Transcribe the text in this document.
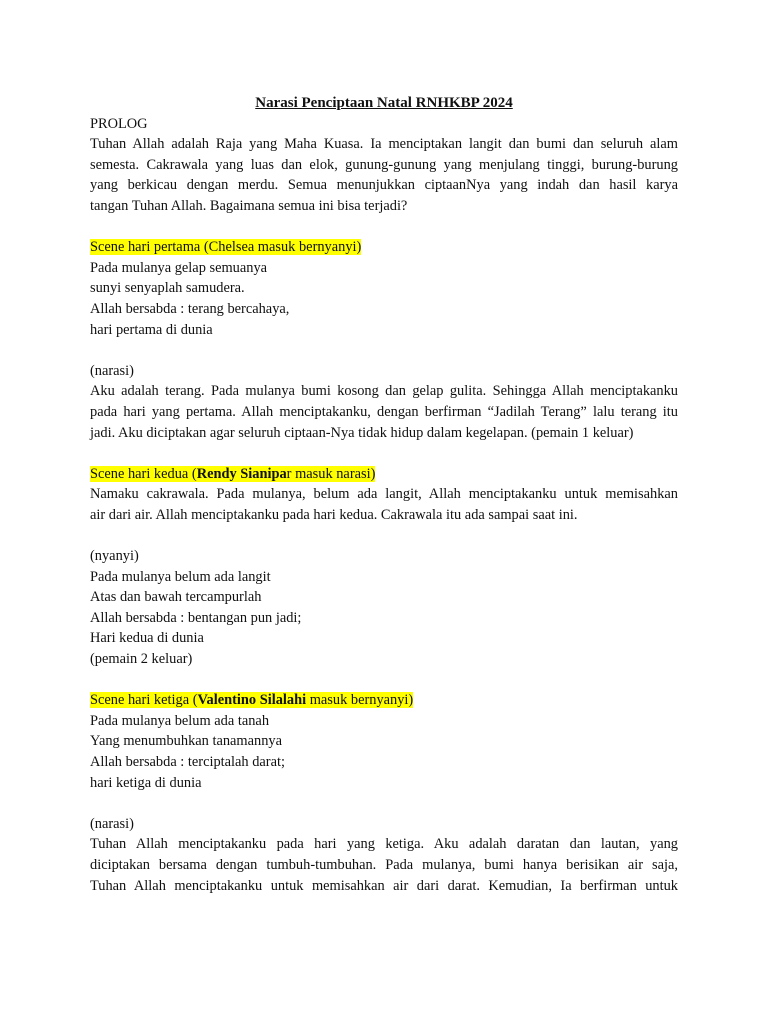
Narasi Penciptaan Natal RNHKBP 2024
PROLOG
Tuhan Allah adalah Raja yang Maha Kuasa. Ia menciptakan langit dan bumi dan seluruh alam
semesta. Cakrawala yang luas dan elok, gunung-gunung yang menjulang tinggi, burung-burung
yang berkicau dengan merdu. Semua menunjukkan ciptaanNya yang indah dan hasil karya
tangan Tuhan Allah. Bagaimana semua ini bisa terjadi?
Scene hari pertama (Chelsea masuk bernyanyi)
Pada mulanya gelap semuanya
sunyi senyaplah samudera.
Allah bersabda : terang bercahaya,
hari pertama di dunia
(narasi)
Aku adalah terang. Pada mulanya bumi kosong dan gelap gulita. Sehingga Allah menciptakanku
pada hari yang pertama. Allah menciptakanku, dengan berfirman “Jadilah Terang” lalu terang itu
jadi. Aku diciptakan agar seluruh ciptaan-Nya tidak hidup dalam kegelapan. (pemain 1 keluar)
Scene hari kedua (Rendy Sianipar masuk narasi)
Namaku cakrawala. Pada mulanya, belum ada langit, Allah menciptakanku untuk memisahkan
air dari air. Allah menciptakanku pada hari kedua. Cakrawala itu ada sampai saat ini.
(nyanyi)
Pada mulanya belum ada langit
Atas dan bawah tercampurlah
Allah bersabda : bentangan pun jadi;
Hari kedua di dunia
(pemain 2 keluar)
Scene hari ketiga (Valentino Silalahi masuk bernyanyi)
Pada mulanya belum ada tanah
Yang menumbuhkan tanamannya
Allah bersabda : terciptalah darat;
hari ketiga di dunia
(narasi)
Tuhan Allah menciptakanku pada hari yang ketiga. Aku adalah daratan dan lautan, yang
diciptakan bersama dengan tumbuh-tumbuhan. Pada mulanya, bumi hanya berisikan air saja,
Tuhan Allah menciptakanku untuk memisahkan air dari darat. Kemudian, Ia berfirman untuk
